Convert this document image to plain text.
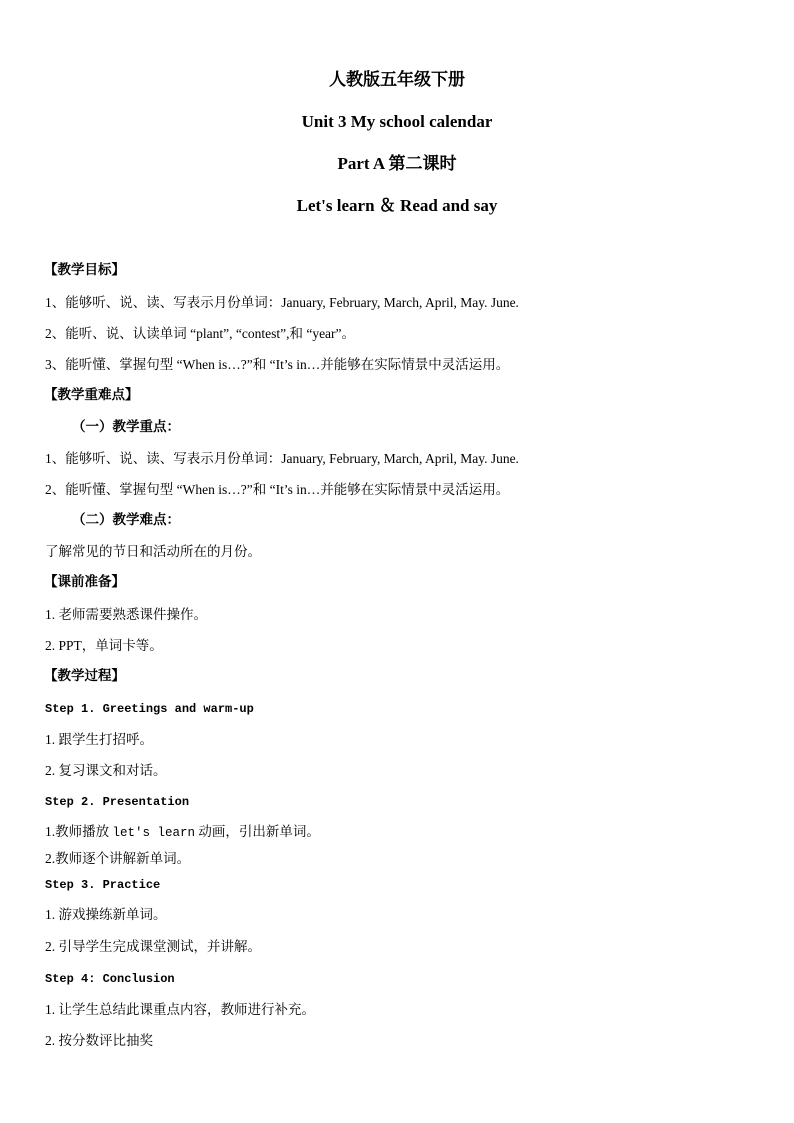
人教版五年级下册
Unit 3 My school calendar
Part A 第二课时
Let's learn ＆ Read and say
【教学目标】
1、能够听、说、读、写表示月份单词：January, February, March, April, May. June.
2、能听、说、认读单词 “plant”, “contest”,和 “year”。
3、能听懂、掌握句型 “When is…?”和 “It’s in…并能够在实际情景中灵活运用。
【教学重难点】
（一）教学重点：
1、能够听、说、读、写表示月份单词：January, February, March, April, May. June.
2、能听懂、掌握句型 “When is…?”和 “It’s in…并能够在实际情景中灵活运用。
（二）教学难点：
了解常见的节日和活动所在的月份。
【课前准备】
1. 老师需要熟悉课件操作。
2. PPT，单词卡等。
【教学过程】
Step 1. Greetings and warm-up
1. 跟学生打招呼。
2. 复习课文和对话。
Step 2. Presentation
1.教师播放 let's learn 动画，引出新单词。
2.教师逐个讲解新单词。
Step 3. Practice
1. 游戏操练新单词。
2. 引导学生完成课堂测试，并讲解。
Step 4: Conclusion
1. 让学生总结此课重点内容，教师进行补充。
2. 按分数评比抽奖
